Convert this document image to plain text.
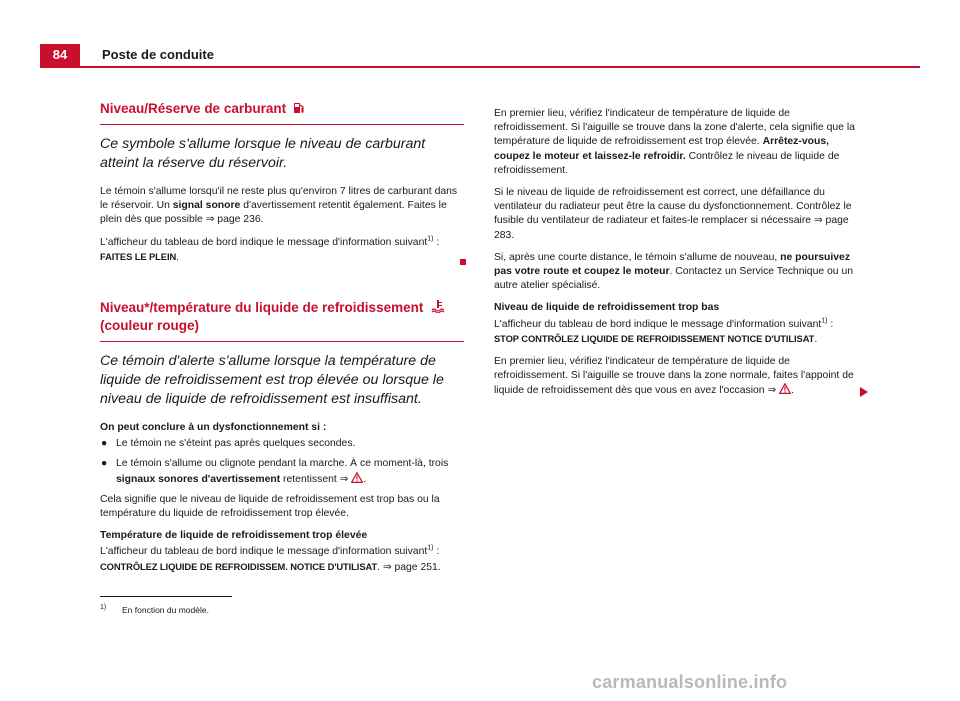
84	Poste de conduite
Niveau/Réserve de carburant

Ce symbole s'allume lorsque le niveau de carburant atteint la réserve du réservoir.

Le témoin s'allume lorsqu'il ne reste plus qu'environ 7 litres de carburant dans le réservoir. Un signal sonore d'avertissement retentit également. Faites le plein dès que possible ⇒ page 236.

L'afficheur du tableau de bord indique le message d'information suivant$^{1)}$ :
FAITES LE PLEIN.

Niveau*/température du liquide de refroidissement
(couleur rouge)

Ce témoin d'alerte s'allume lorsque la température de liquide de refroidissement est trop élevée ou lorsque le niveau de liquide de refroidissement est insuffisant.

On peut conclure à un dysfonctionnement si :

● Le témoin ne s'éteint pas après quelques secondes.
● Le témoin s'allume ou clignote pendant la marche. À ce moment-là, trois signaux sonores d'avertissement retentissent ⇒ .

Cela signifie que le niveau de liquide de refroidissement est trop bas ou la température du liquide de refroidissement trop élevée.

Température de liquide de refroidissement trop élevée

L'afficheur du tableau de bord indique le message d'information suivant$^{1)}$ :
CONTRÔLEZ LIQUIDE DE REFROIDISSEM. NOTICE D'UTILISAT. ⇒ page 251.

En premier lieu, vérifiez l'indicateur de température de liquide de refroidissement. Si l'aiguille se trouve dans la zone d'alerte, cela signifie que la température de liquide de refroidissement est trop élevée. Arrêtez-vous, coupez le moteur et laissez-le refroidir. Contrôlez le niveau de liquide de refroidissement.

Si le niveau de liquide de refroidissement est correct, une défaillance du ventilateur du radiateur peut être la cause du dysfonctionnement. Contrôlez le fusible du ventilateur de radiateur et faites-le remplacer si nécessaire ⇒ page 283.

Si, après une courte distance, le témoin s'allume de nouveau, ne poursuivez pas votre route et coupez le moteur. Contactez un Service Technique ou un autre atelier spécialisé.

Niveau de liquide de refroidissement trop bas

L'afficheur du tableau de bord indique le message d'information suivant$^{1)}$ :
STOP CONTRÔLEZ LIQUIDE DE REFROIDISSEMENT NOTICE D'UTILISAT.

En premier lieu, vérifiez l'indicateur de température de liquide de refroidissement. Si l'aiguille se trouve dans la zone normale, faites l'appoint de liquide de refroidissement dès que vous en avez l'occasion ⇒ .

1) En fonction du modèle.
carmanualsonline.info
